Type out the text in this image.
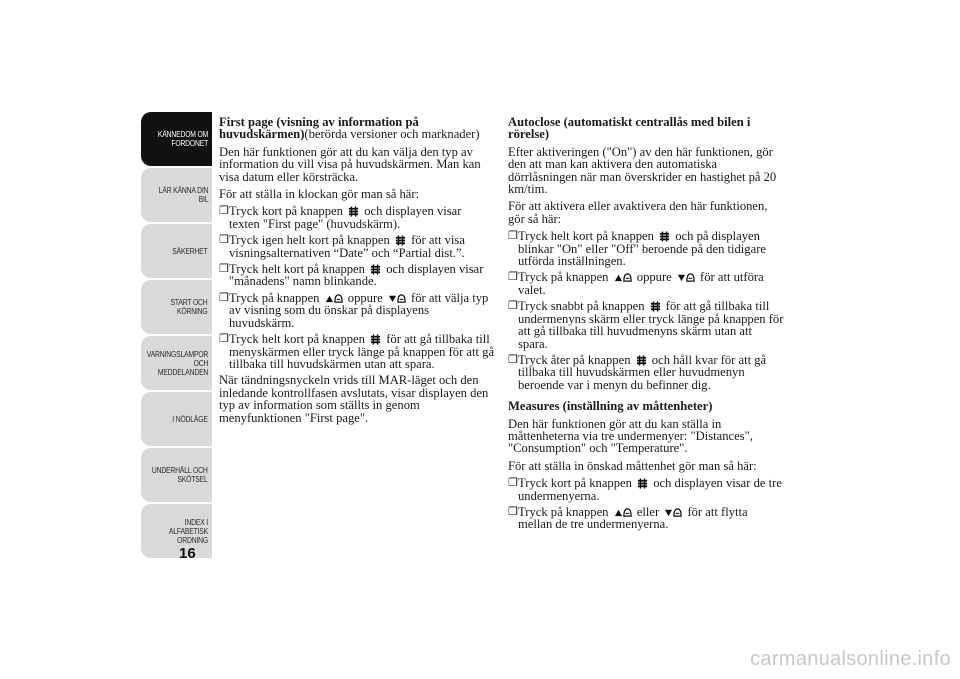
KÄNNEDOM OM
FORDONET
LÄR KÄNNA DIN
BIL
SÄKERHET
START OCH
KÖRNING
VARNINGSLAMPOR
OCH
MEDDELANDEN
I NÖDLÄGE
UNDERHÅLL OCH
SKÖTSEL
INDEX I
ALFABETISK
ORDNING
16

First page (visning av information på huvudskärmen)(berörda versioner och marknader)

Den här funktionen gör att du kan välja den typ av information du vill visa på huvudskärmen. Man kan visa datum eller körsträcka.

För att ställa in klockan gör man så här:

❒ Tryck kort på knappen  och displayen visar texten "First page" (huvudskärm).
❒ Tryck igen helt kort på knappen  för att visa visningsalternativen “Date” och “Partial dist.”.
❒ Tryck helt kort på knappen  och displayen visar "månadens" namn blinkande.
❒ Tryck på knappen  oppure  för att välja typ av visning som du önskar på displayens huvudskärm.
❒ Tryck helt kort på knappen  för att gå tillbaka till menyskärmen eller tryck länge på knappen för att gå tillbaka till huvudskärmen utan att spara.

När tändningsnyckeln vrids till MAR-läget och den inledande kontrollfasen avslutats, visar displayen den typ av information som ställts in genom menyfunktionen "First page".

Autoclose (automatiskt centrallås med bilen i rörelse)

Efter aktiveringen ("On") av den här funktionen, gör den att man kan aktivera den automatiska dörrlåsningen när man överskrider en hastighet på 20 km/tim.

För att aktivera eller avaktivera den här funktionen, gör så här:

❒ Tryck helt kort på knappen  och på displayen blinkar "On" eller "Off" beroende på den tidigare utförda inställningen.
❒ Tryck på knappen  oppure  för att utföra valet.
❒ Tryck snabbt på knappen  för att gå tillbaka till undermenyns skärm eller tryck länge på knappen för att gå tillbaka till huvudmenyns skärm utan att spara.
❒ Tryck åter på knappen  och håll kvar för att gå tillbaka till huvudskärmen eller huvudmenyn beroende var i menyn du befinner dig.

Measures (inställning av måttenheter)

Den här funktionen gör att du kan ställa in måttenheterna via tre undermenyer: "Distances", "Consumption" och "Temperature".

För att ställa in önskad måttenhet gör man så här:

❒ Tryck kort på knappen  och displayen visar de tre undermenyerna.
❒ Tryck på knappen  eller  för att flytta mellan de tre undermenyerna.
carmanualsonline.info
